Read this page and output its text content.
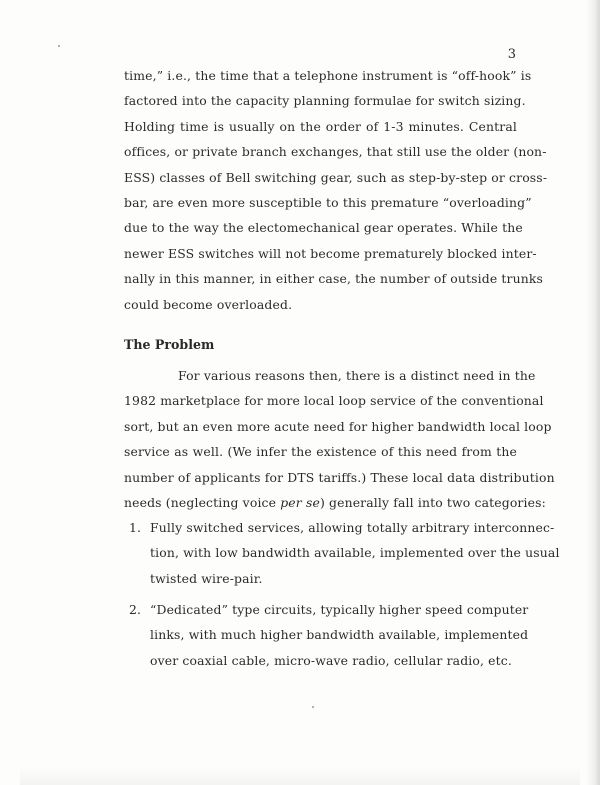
3
time,” i.e., the time that a telephone instrument is “off-hook” is
factored into the capacity planning formulae for switch sizing.
Holding time is usually on the order of 1-3 minutes. Central
offices, or private branch exchanges, that still use the older (non-
ESS) classes of Bell switching gear, such as step-by-step or cross-
bar, are even more susceptible to this premature “overloading”
due to the way the electomechanical gear operates. While the
newer ESS switches will not become prematurely blocked inter-
nally in this manner, in either case, the number of outside trunks
could become overloaded.
The Problem
For various reasons then, there is a distinct need in the
1982 marketplace for more local loop service of the conventional
sort, but an even more acute need for higher bandwidth local loop
service as well. (We infer the existence of this need from the
number of applicants for DTS tariffs.) These local data distribution
needs (neglecting voice per se) generally fall into two categories:
1. Fully switched services, allowing totally arbitrary interconnec-
tion, with low bandwidth available, implemented over the usual
twisted wire-pair.
2. “Dedicated” type circuits, typically higher speed computer
links, with much higher bandwidth available, implemented
over coaxial cable, micro-wave radio, cellular radio, etc.
